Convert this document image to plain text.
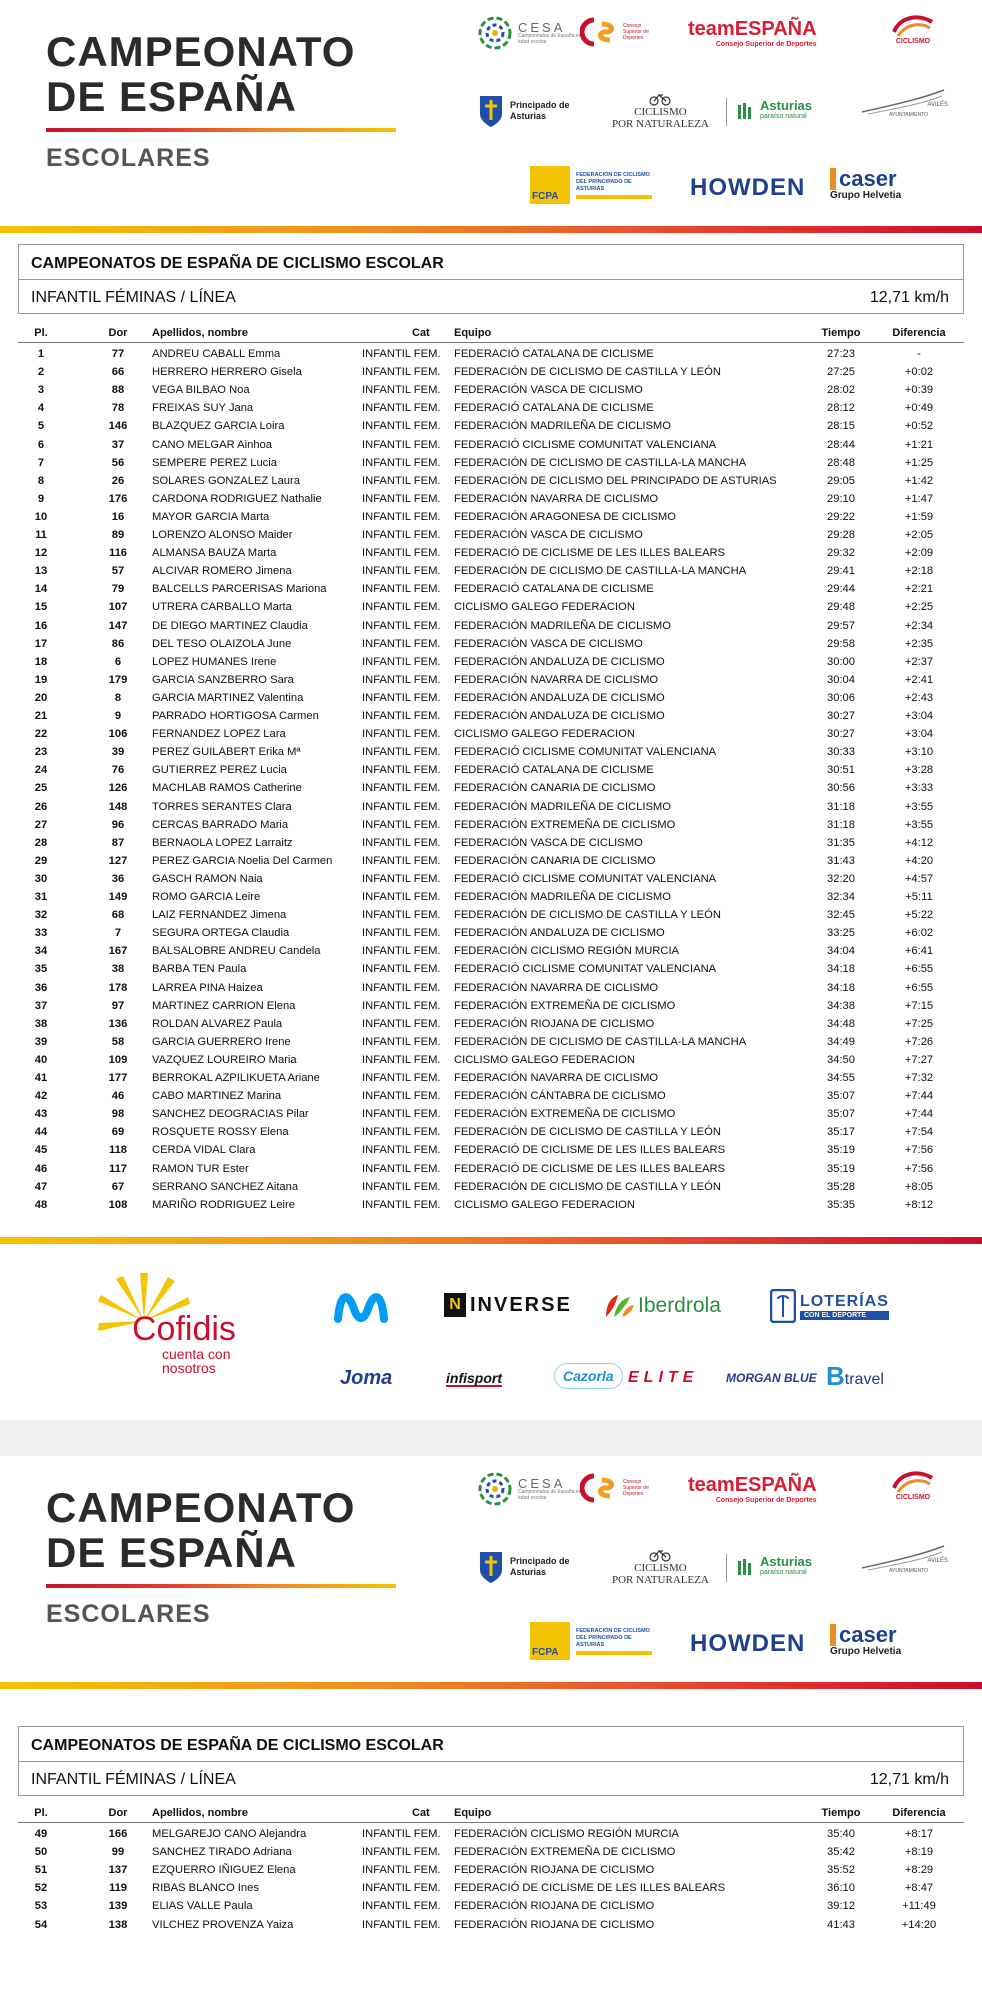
CAMPEONATO
DE ESPAÑA
ESCOLARES
CESA
Campeonatos de España en edad escolar
Consejo Superior de Deportes	teamESPAÑA
Consejo Superior de Deportes	CICLISMO
Principado de Asturias	CICLISMO
POR NATURALEZA
Asturias
paraíso natural
AVILÉS
AYUNTAMIENTO
FCPA
FEDERACIÓN DE CICLISMO DEL PRINCIPADO DE ASTURIAS	HOWDEN	caser
Grupo Helvetia
CAMPEONATOS DE ESPAÑA DE CICLISMO ESCOLAR
INFANTIL FÉMINAS / LÍNEA	12,71 km/h
Pl.	Dor	Apellidos, nombre	Cat	Equipo	Tiempo	Diferencia
1	77	ANDREU CABALL Emma	INFANTIL FEM.	FEDERACIÓ CATALANA DE CICLISME	27:23	-
2	66	HERRERO HERRERO Gisela	INFANTIL FEM.	FEDERACIÓN DE CICLISMO DE CASTILLA Y LEÓN	27:25	+0:02
3	88	VEGA BILBAO Noa	INFANTIL FEM.	FEDERACIÓN VASCA DE CICLISMO	28:02	+0:39
4	78	FREIXAS SUY Jana	INFANTIL FEM.	FEDERACIÓ CATALANA DE CICLISME	28:12	+0:49
5	146	BLAZQUEZ GARCIA Loira	INFANTIL FEM.	FEDERACIÓN MADRILEÑA DE CICLISMO	28:15	+0:52
6	37	CANO MELGAR Ainhoa	INFANTIL FEM.	FEDERACIÓ CICLISME COMUNITAT VALENCIANA	28:44	+1:21
7	56	SEMPERE PEREZ Lucia	INFANTIL FEM.	FEDERACIÓN DE CICLISMO DE CASTILLA-LA MANCHA	28:48	+1:25
8	26	SOLARES GONZALEZ Laura	INFANTIL FEM.	FEDERACIÓN DE CICLISMO DEL PRINCIPADO DE ASTURIAS	29:05	+1:42
9	176	CARDONA RODRIGUEZ Nathalie	INFANTIL FEM.	FEDERACIÓN NAVARRA DE CICLISMO	29:10	+1:47
10	16	MAYOR GARCIA Marta	INFANTIL FEM.	FEDERACIÓN ARAGONESA DE CICLISMO	29:22	+1:59
11	89	LORENZO ALONSO Maider	INFANTIL FEM.	FEDERACIÓN VASCA DE CICLISMO	29:28	+2:05
12	116	ALMANSA BAUZA Marta	INFANTIL FEM.	FEDERACIÓ DE CICLISME DE LES ILLES BALEARS	29:32	+2:09
13	57	ALCIVAR ROMERO Jimena	INFANTIL FEM.	FEDERACIÓN DE CICLISMO DE CASTILLA-LA MANCHA	29:41	+2:18
14	79	BALCELLS PARCERISAS Mariona	INFANTIL FEM.	FEDERACIÓ CATALANA DE CICLISME	29:44	+2:21
15	107	UTRERA CARBALLO Marta	INFANTIL FEM.	CICLISMO GALEGO FEDERACION	29:48	+2:25
16	147	DE DIEGO MARTINEZ Claudia	INFANTIL FEM.	FEDERACIÓN MADRILEÑA DE CICLISMO	29:57	+2:34
17	86	DEL TESO OLAIZOLA June	INFANTIL FEM.	FEDERACIÓN VASCA DE CICLISMO	29:58	+2:35
18	6	LOPEZ HUMANES Irene	INFANTIL FEM.	FEDERACIÓN ANDALUZA DE CICLISMO	30:00	+2:37
19	179	GARCIA SANZBERRO Sara	INFANTIL FEM.	FEDERACIÓN NAVARRA DE CICLISMO	30:04	+2:41
20	8	GARCIA MARTINEZ Valentina	INFANTIL FEM.	FEDERACIÓN ANDALUZA DE CICLISMO	30:06	+2:43
21	9	PARRADO HORTIGOSA Carmen	INFANTIL FEM.	FEDERACIÓN ANDALUZA DE CICLISMO	30:27	+3:04
22	106	FERNANDEZ LOPEZ Lara	INFANTIL FEM.	CICLISMO GALEGO FEDERACION	30:27	+3:04
23	39	PEREZ GUILABERT Erika Mª	INFANTIL FEM.	FEDERACIÓ CICLISME COMUNITAT VALENCIANA	30:33	+3:10
24	76	GUTIERREZ PEREZ Lucia	INFANTIL FEM.	FEDERACIÓ CATALANA DE CICLISME	30:51	+3:28
25	126	MACHLAB RAMOS Catherine	INFANTIL FEM.	FEDERACIÓN CANARIA DE CICLISMO	30:56	+3:33
26	148	TORRES SERANTES Clara	INFANTIL FEM.	FEDERACIÓN MADRILEÑA DE CICLISMO	31:18	+3:55
27	96	CERCAS BARRADO Maria	INFANTIL FEM.	FEDERACIÓN EXTREMEÑA DE CICLISMO	31:18	+3:55
28	87	BERNAOLA LOPEZ Larraitz	INFANTIL FEM.	FEDERACIÓN VASCA DE CICLISMO	31:35	+4:12
29	127	PEREZ GARCIA Noelia Del Carmen	INFANTIL FEM.	FEDERACIÓN CANARIA DE CICLISMO	31:43	+4:20
30	36	GASCH RAMON Naia	INFANTIL FEM.	FEDERACIÓ CICLISME COMUNITAT VALENCIANA	32:20	+4:57
31	149	ROMO GARCIA Leire	INFANTIL FEM.	FEDERACIÓN MADRILEÑA DE CICLISMO	32:34	+5:11
32	68	LAIZ FERNANDEZ Jimena	INFANTIL FEM.	FEDERACIÓN DE CICLISMO DE CASTILLA Y LEÓN	32:45	+5:22
33	7	SEGURA ORTEGA Claudia	INFANTIL FEM.	FEDERACIÓN ANDALUZA DE CICLISMO	33:25	+6:02
34	167	BALSALOBRE ANDREU Candela	INFANTIL FEM.	FEDERACIÓN CICLISMO REGIÓN MURCIA	34:04	+6:41
35	38	BARBA TEN Paula	INFANTIL FEM.	FEDERACIÓ CICLISME COMUNITAT VALENCIANA	34:18	+6:55
36	178	LARREA PINA Haizea	INFANTIL FEM.	FEDERACIÓN NAVARRA DE CICLISMO	34:18	+6:55
37	97	MARTINEZ CARRION Elena	INFANTIL FEM.	FEDERACIÓN EXTREMEÑA DE CICLISMO	34:38	+7:15
38	136	ROLDAN ALVAREZ Paula	INFANTIL FEM.	FEDERACIÓN RIOJANA DE CICLISMO	34:48	+7:25
39	58	GARCIA GUERRERO Irene	INFANTIL FEM.	FEDERACIÓN DE CICLISMO DE CASTILLA-LA MANCHA	34:49	+7:26
40	109	VAZQUEZ LOUREIRO Maria	INFANTIL FEM.	CICLISMO GALEGO FEDERACION	34:50	+7:27
41	177	BERROKAL AZPILIKUETA Ariane	INFANTIL FEM.	FEDERACIÓN NAVARRA DE CICLISMO	34:55	+7:32
42	46	CABO MARTINEZ Marina	INFANTIL FEM.	FEDERACIÓN CÁNTABRA DE CICLISMO	35:07	+7:44
43	98	SANCHEZ DEOGRACIAS Pilar	INFANTIL FEM.	FEDERACIÓN EXTREMEÑA DE CICLISMO	35:07	+7:44
44	69	ROSQUETE ROSSY Elena	INFANTIL FEM.	FEDERACIÓN DE CICLISMO DE CASTILLA Y LEÓN	35:17	+7:54
45	118	CERDA VIDAL Clara	INFANTIL FEM.	FEDERACIÓ DE CICLISME DE LES ILLES BALEARS	35:19	+7:56
46	117	RAMON TUR Ester	INFANTIL FEM.	FEDERACIÓ DE CICLISME DE LES ILLES BALEARS	35:19	+7:56
47	67	SERRANO SANCHEZ Aitana	INFANTIL FEM.	FEDERACIÓN DE CICLISMO DE CASTILLA Y LEÓN	35:28	+8:05
48	108	MARIÑO RODRIGUEZ Leire	INFANTIL FEM.	CICLISMO GALEGO FEDERACION	35:35	+8:12
Cofidis
cuenta con
nosotros
N INVERSE	Iberdrola	LOTERÍAS
CON EL DEPORTE
Joma	infisport	Cazorla ELITE MORGAN BLUE B travel
CAMPEONATO
DE ESPAÑA
ESCOLARES
CESA
Campeonatos de España en edad escolar
Consejo Superior de Deportes	teamESPAÑA
Consejo Superior de Deportes	CICLISMO
Principado de Asturias	CICLISMO
POR NATURALEZA
Asturias
paraíso natural
AVILÉS
AYUNTAMIENTO
FCPA
FEDERACIÓN DE CICLISMO DEL PRINCIPADO DE ASTURIAS	HOWDEN	caser
Grupo Helvetia
CAMPEONATOS DE ESPAÑA DE CICLISMO ESCOLAR
INFANTIL FÉMINAS / LÍNEA	12,71 km/h
Pl.	Dor	Apellidos, nombre	Cat	Equipo	Tiempo	Diferencia
49	166	MELGAREJO CANO Alejandra	INFANTIL FEM.	FEDERACIÓN CICLISMO REGIÓN MURCIA	35:40	+8:17
50	99	SANCHEZ TIRADO Adriana	INFANTIL FEM.	FEDERACIÓN EXTREMEÑA DE CICLISMO	35:42	+8:19
51	137	EZQUERRO IÑIGUEZ Elena	INFANTIL FEM.	FEDERACIÓN RIOJANA DE CICLISMO	35:52	+8:29
52	119	RIBAS BLANCO Ines	INFANTIL FEM.	FEDERACIÓ DE CICLISME DE LES ILLES BALEARS	36:10	+8:47
53	139	ELIAS VALLE Paula	INFANTIL FEM.	FEDERACIÓN RIOJANA DE CICLISMO	39:12	+11:49
54	138	VILCHEZ PROVENZA Yaiza	INFANTIL FEM.	FEDERACIÓN RIOJANA DE CICLISMO	41:43	+14:20
